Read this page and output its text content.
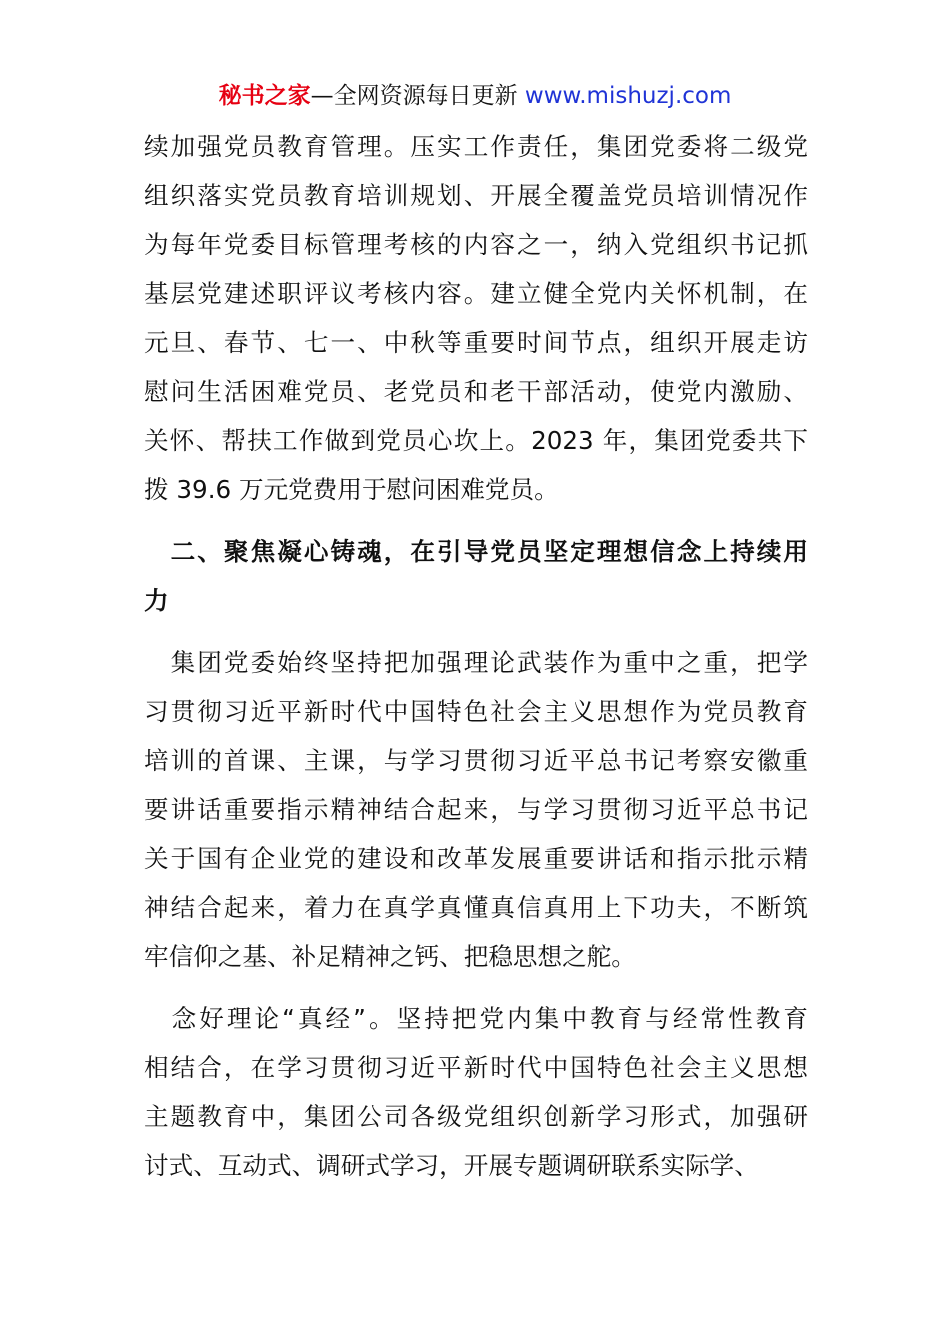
秘书之家—全网资源每日更新 www.mishuzj.com
续加强党员教育管理。压实工作责任，集团党委将二级党
组织落实党员教育培训规划、开展全覆盖党员培训情况作
为每年党委目标管理考核的内容之一，纳入党组织书记抓
基层党建述职评议考核内容。建立健全党内关怀机制，在
元旦、春节、七一、中秋等重要时间节点，组织开展走访
慰问生活困难党员、老党员和老干部活动，使党内激励、
关怀、帮扶工作做到党员心坎上。2023 年，集团党委共下
拨 39.6 万元党费用于慰问困难党员。
　二、聚焦凝心铸魂，在引导党员坚定理想信念上持续用
力
　集团党委始终坚持把加强理论武装作为重中之重，把学
习贯彻习近平新时代中国特色社会主义思想作为党员教育
培训的首课、主课，与学习贯彻习近平总书记考察安徽重
要讲话重要指示精神结合起来，与学习贯彻习近平总书记
关于国有企业党的建设和改革发展重要讲话和指示批示精
神结合起来，着力在真学真懂真信真用上下功夫，不断筑
牢信仰之基、补足精神之钙、把稳思想之舵。
　念好理论“真经”。坚持把党内集中教育与经常性教育
相结合，在学习贯彻习近平新时代中国特色社会主义思想
主题教育中，集团公司各级党组织创新学习形式，加强研
讨式、互动式、调研式学习，开展专题调研联系实际学、
